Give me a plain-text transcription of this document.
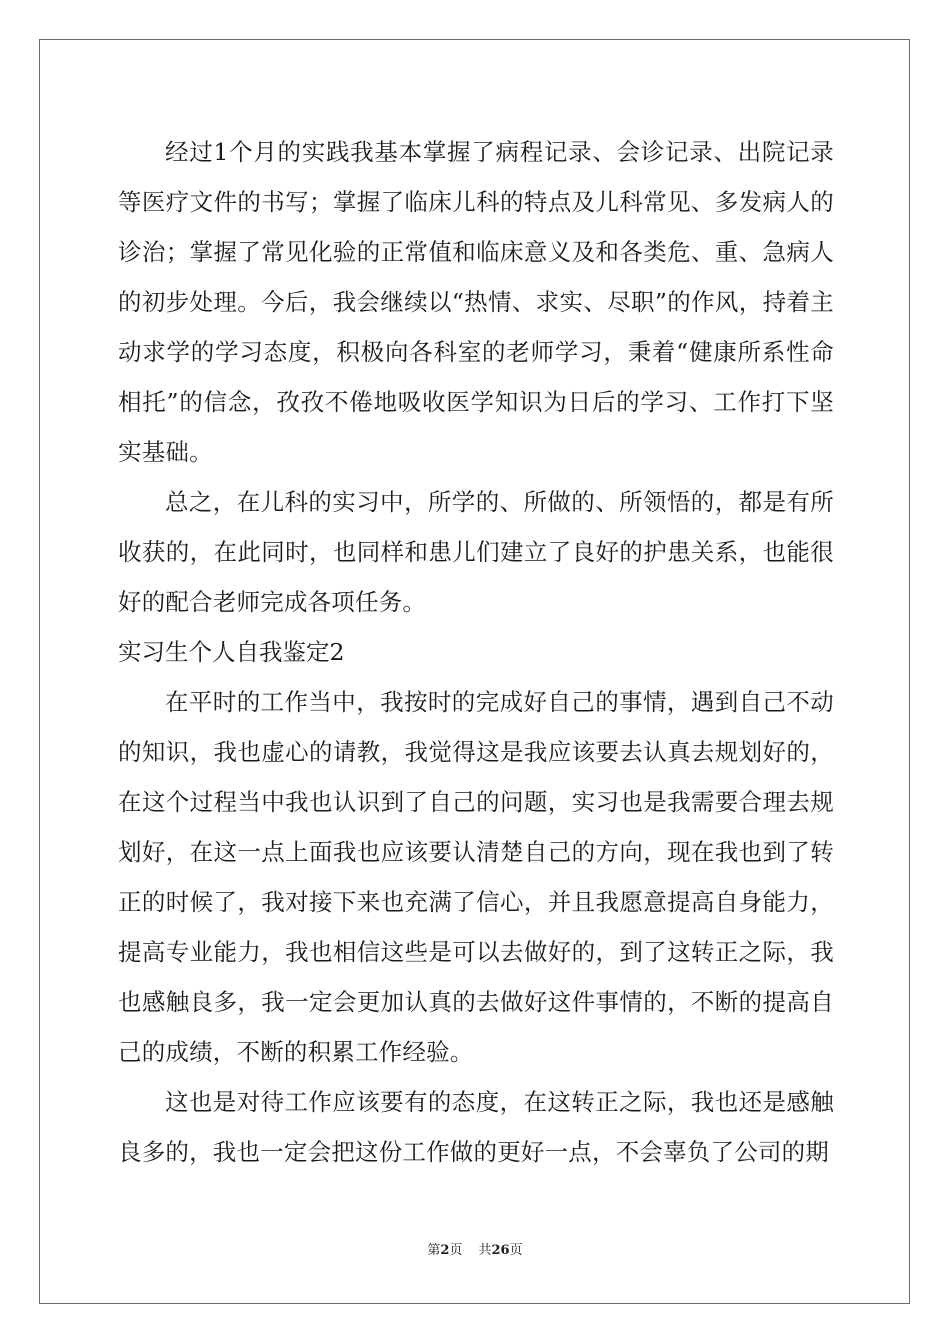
经过1个月的实践我基本掌握了病程记录、会诊记录、出院记录等医疗文件的书写；掌握了临床儿科的特点及儿科常见、多发病人的诊治；掌握了常见化验的正常值和临床意义及和各类危、重、急病人的初步处理。今后，我会继续以“热情、求实、尽职”的作风，持着主动求学的学习态度，积极向各科室的老师学习，秉着“健康所系性命相托”的信念，孜孜不倦地吸收医学知识为日后的学习、工作打下坚实基础。

总之，在儿科的实习中，所学的、所做的、所领悟的，都是有所收获的，在此同时，也同样和患儿们建立了良好的护患关系，也能很好的配合老师完成各项任务。

实习生个人自我鉴定2

在平时的工作当中，我按时的完成好自己的事情，遇到自己不动的知识，我也虚心的请教，我觉得这是我应该要去认真去规划好的，在这个过程当中我也认识到了自己的问题，实习也是我需要合理去规划好，在这一点上面我也应该要认清楚自己的方向，现在我也到了转正的时候了，我对接下来也充满了信心，并且我愿意提高自身能力，提高专业能力，我也相信这些是可以去做好的，到了这转正之际，我也感触良多，我一定会更加认真的去做好这件事情的，不断的提高自己的成绩，不断的积累工作经验。

这也是对待工作应该要有的态度，在这转正之际，我也还是感触良多的，我也一定会把这份工作做的更好一点，不会辜负了公司的期

第2页 共26页
